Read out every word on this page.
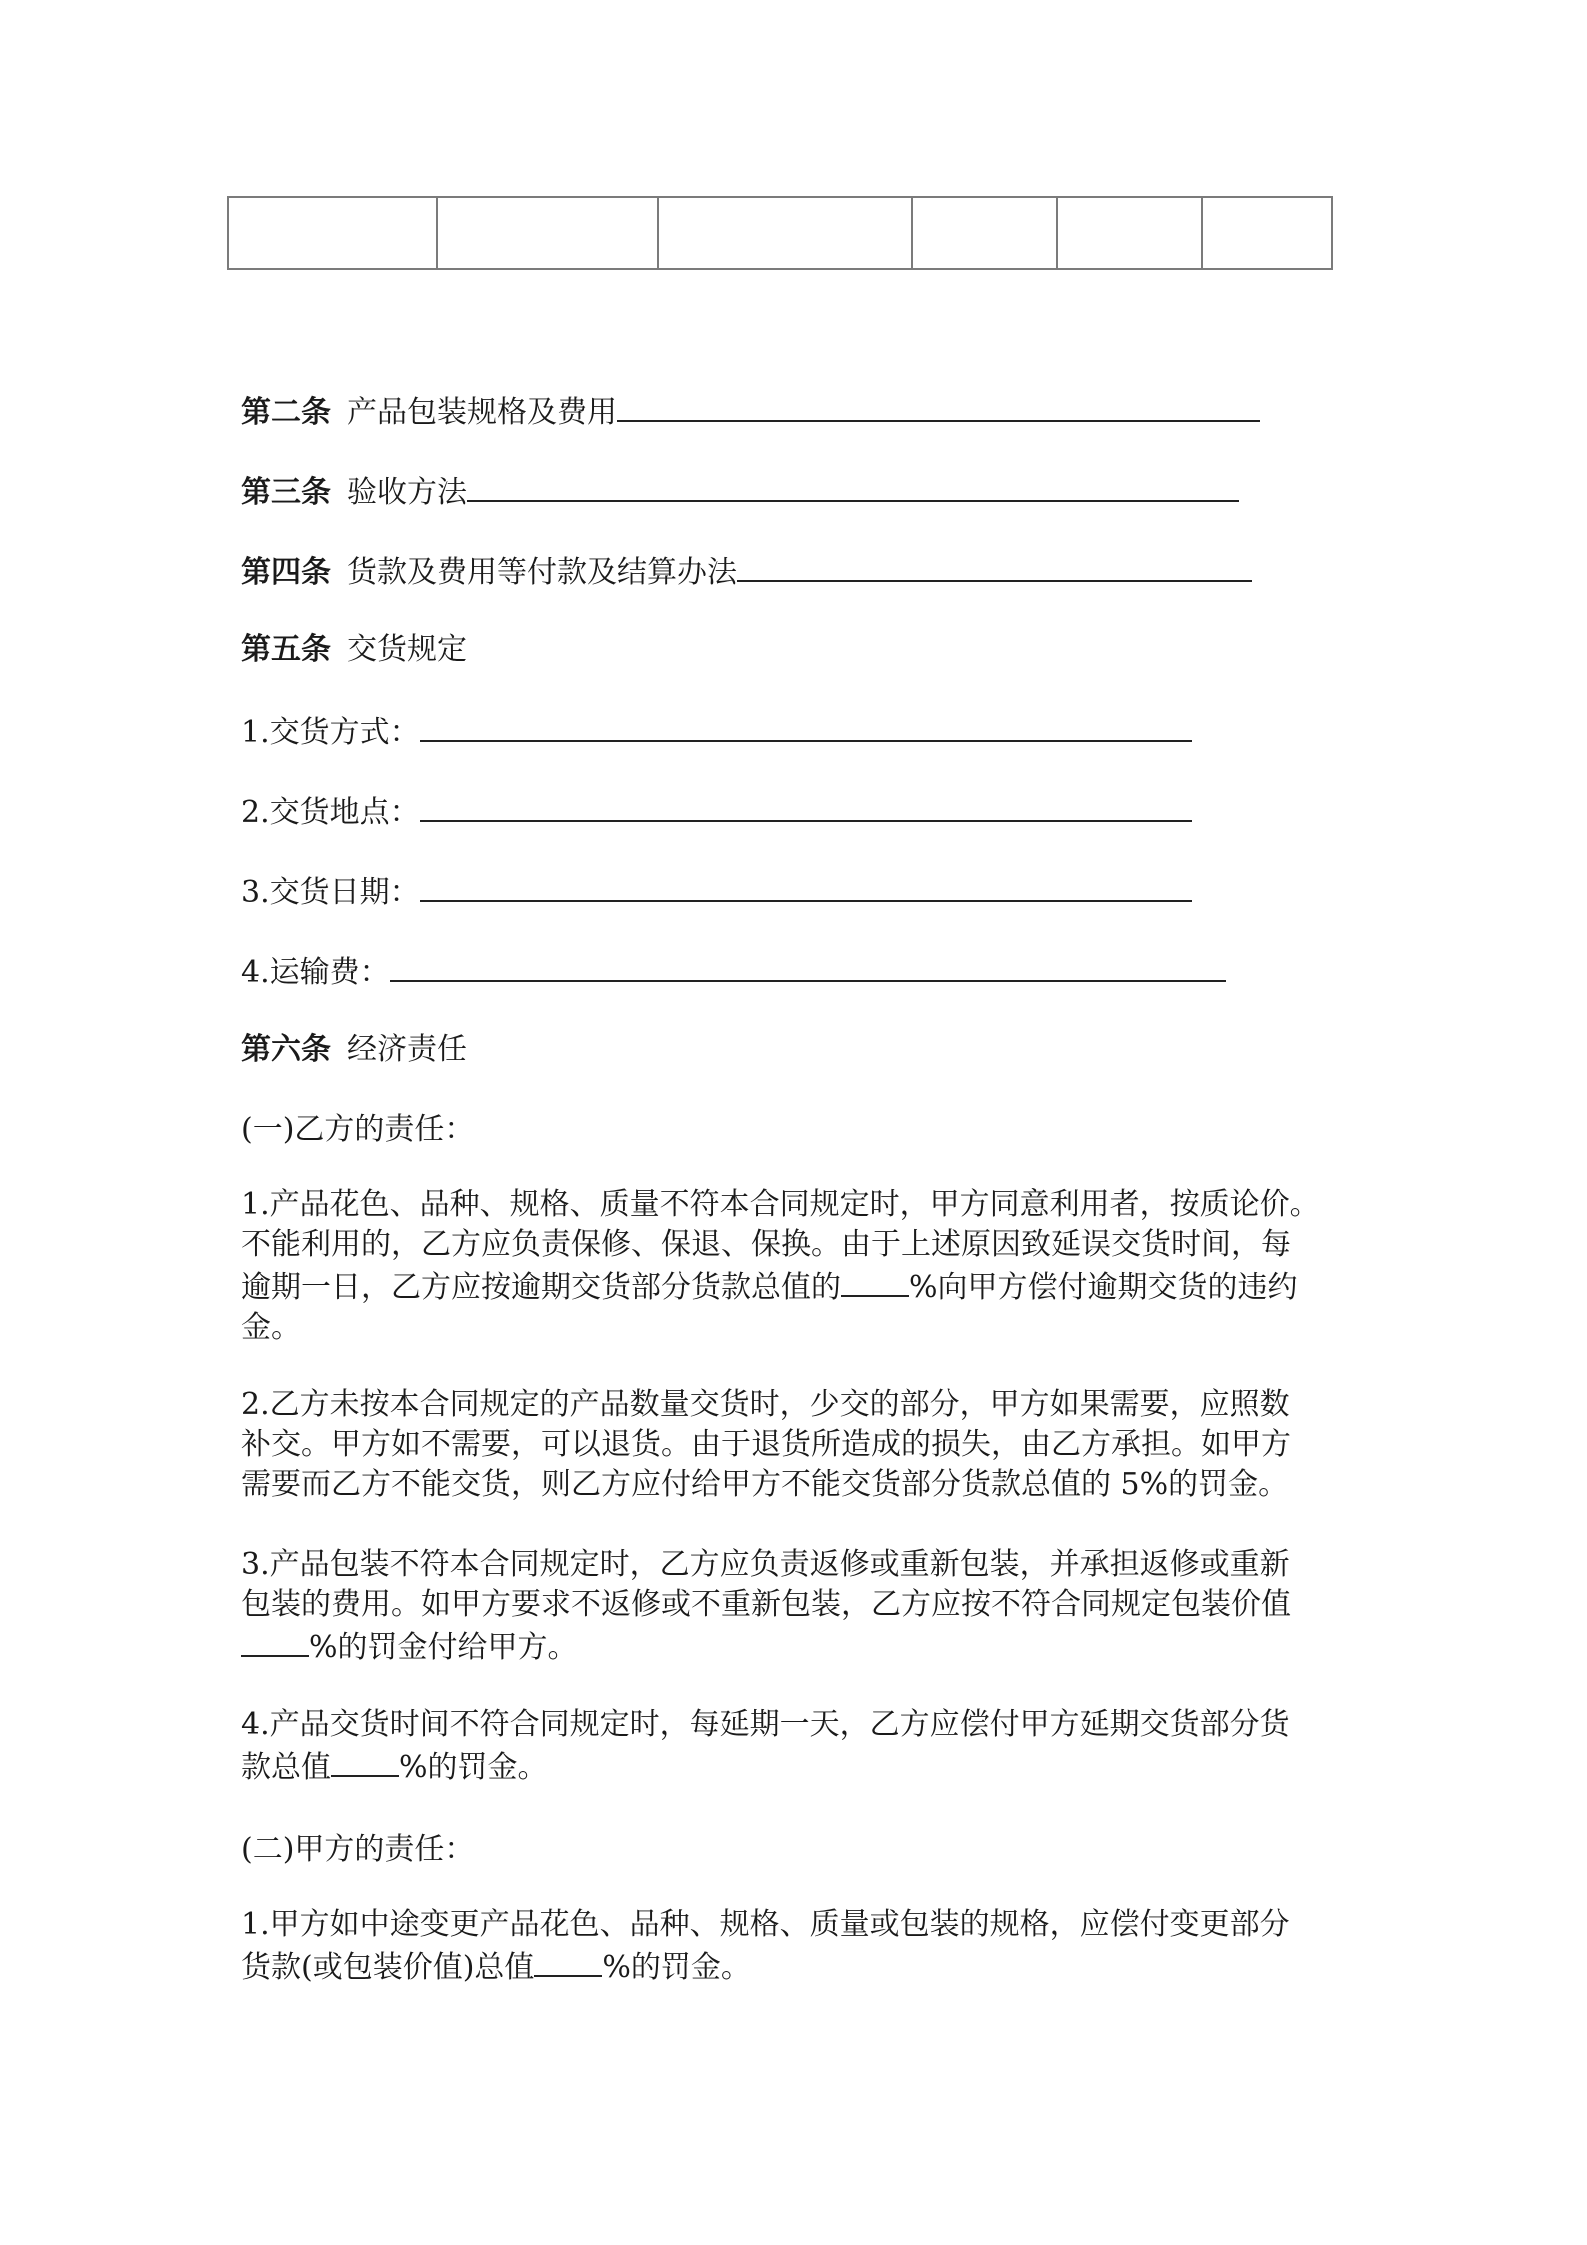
第二条 产品包装规格及费用
第三条 验收方法
第四条 货款及费用等付款及结算办法
第五条 交货规定
1.交货方式：
2.交货地点：
3.交货日期：
4.运输费：
第六条 经济责任
(一)乙方的责任：
1.产品花色、品种、规格、质量不符本合同规定时，甲方同意利用者，按质论价。
不能利用的，乙方应负责保修、保退、保换。由于上述原因致延误交货时间，每
逾期一日，乙方应按逾期交货部分货款总值的 %向甲方偿付逾期交货的违约
金。
2.乙方未按本合同规定的产品数量交货时，少交的部分，甲方如果需要，应照数
补交。甲方如不需要，可以退货。由于退货所造成的损失，由乙方承担。如甲方
需要而乙方不能交货，则乙方应付给甲方不能交货部分货款总值的 5%的罚金。
3.产品包装不符本合同规定时，乙方应负责返修或重新包装，并承担返修或重新
包装的费用。如甲方要求不返修或不重新包装，乙方应按不符合同规定包装价值
%的罚金付给甲方。
4.产品交货时间不符合同规定时，每延期一天，乙方应偿付甲方延期交货部分货
款总值 %的罚金。
(二)甲方的责任：
1.甲方如中途变更产品花色、品种、规格、质量或包装的规格，应偿付变更部分
货款(或包装价值)总值 %的罚金。
